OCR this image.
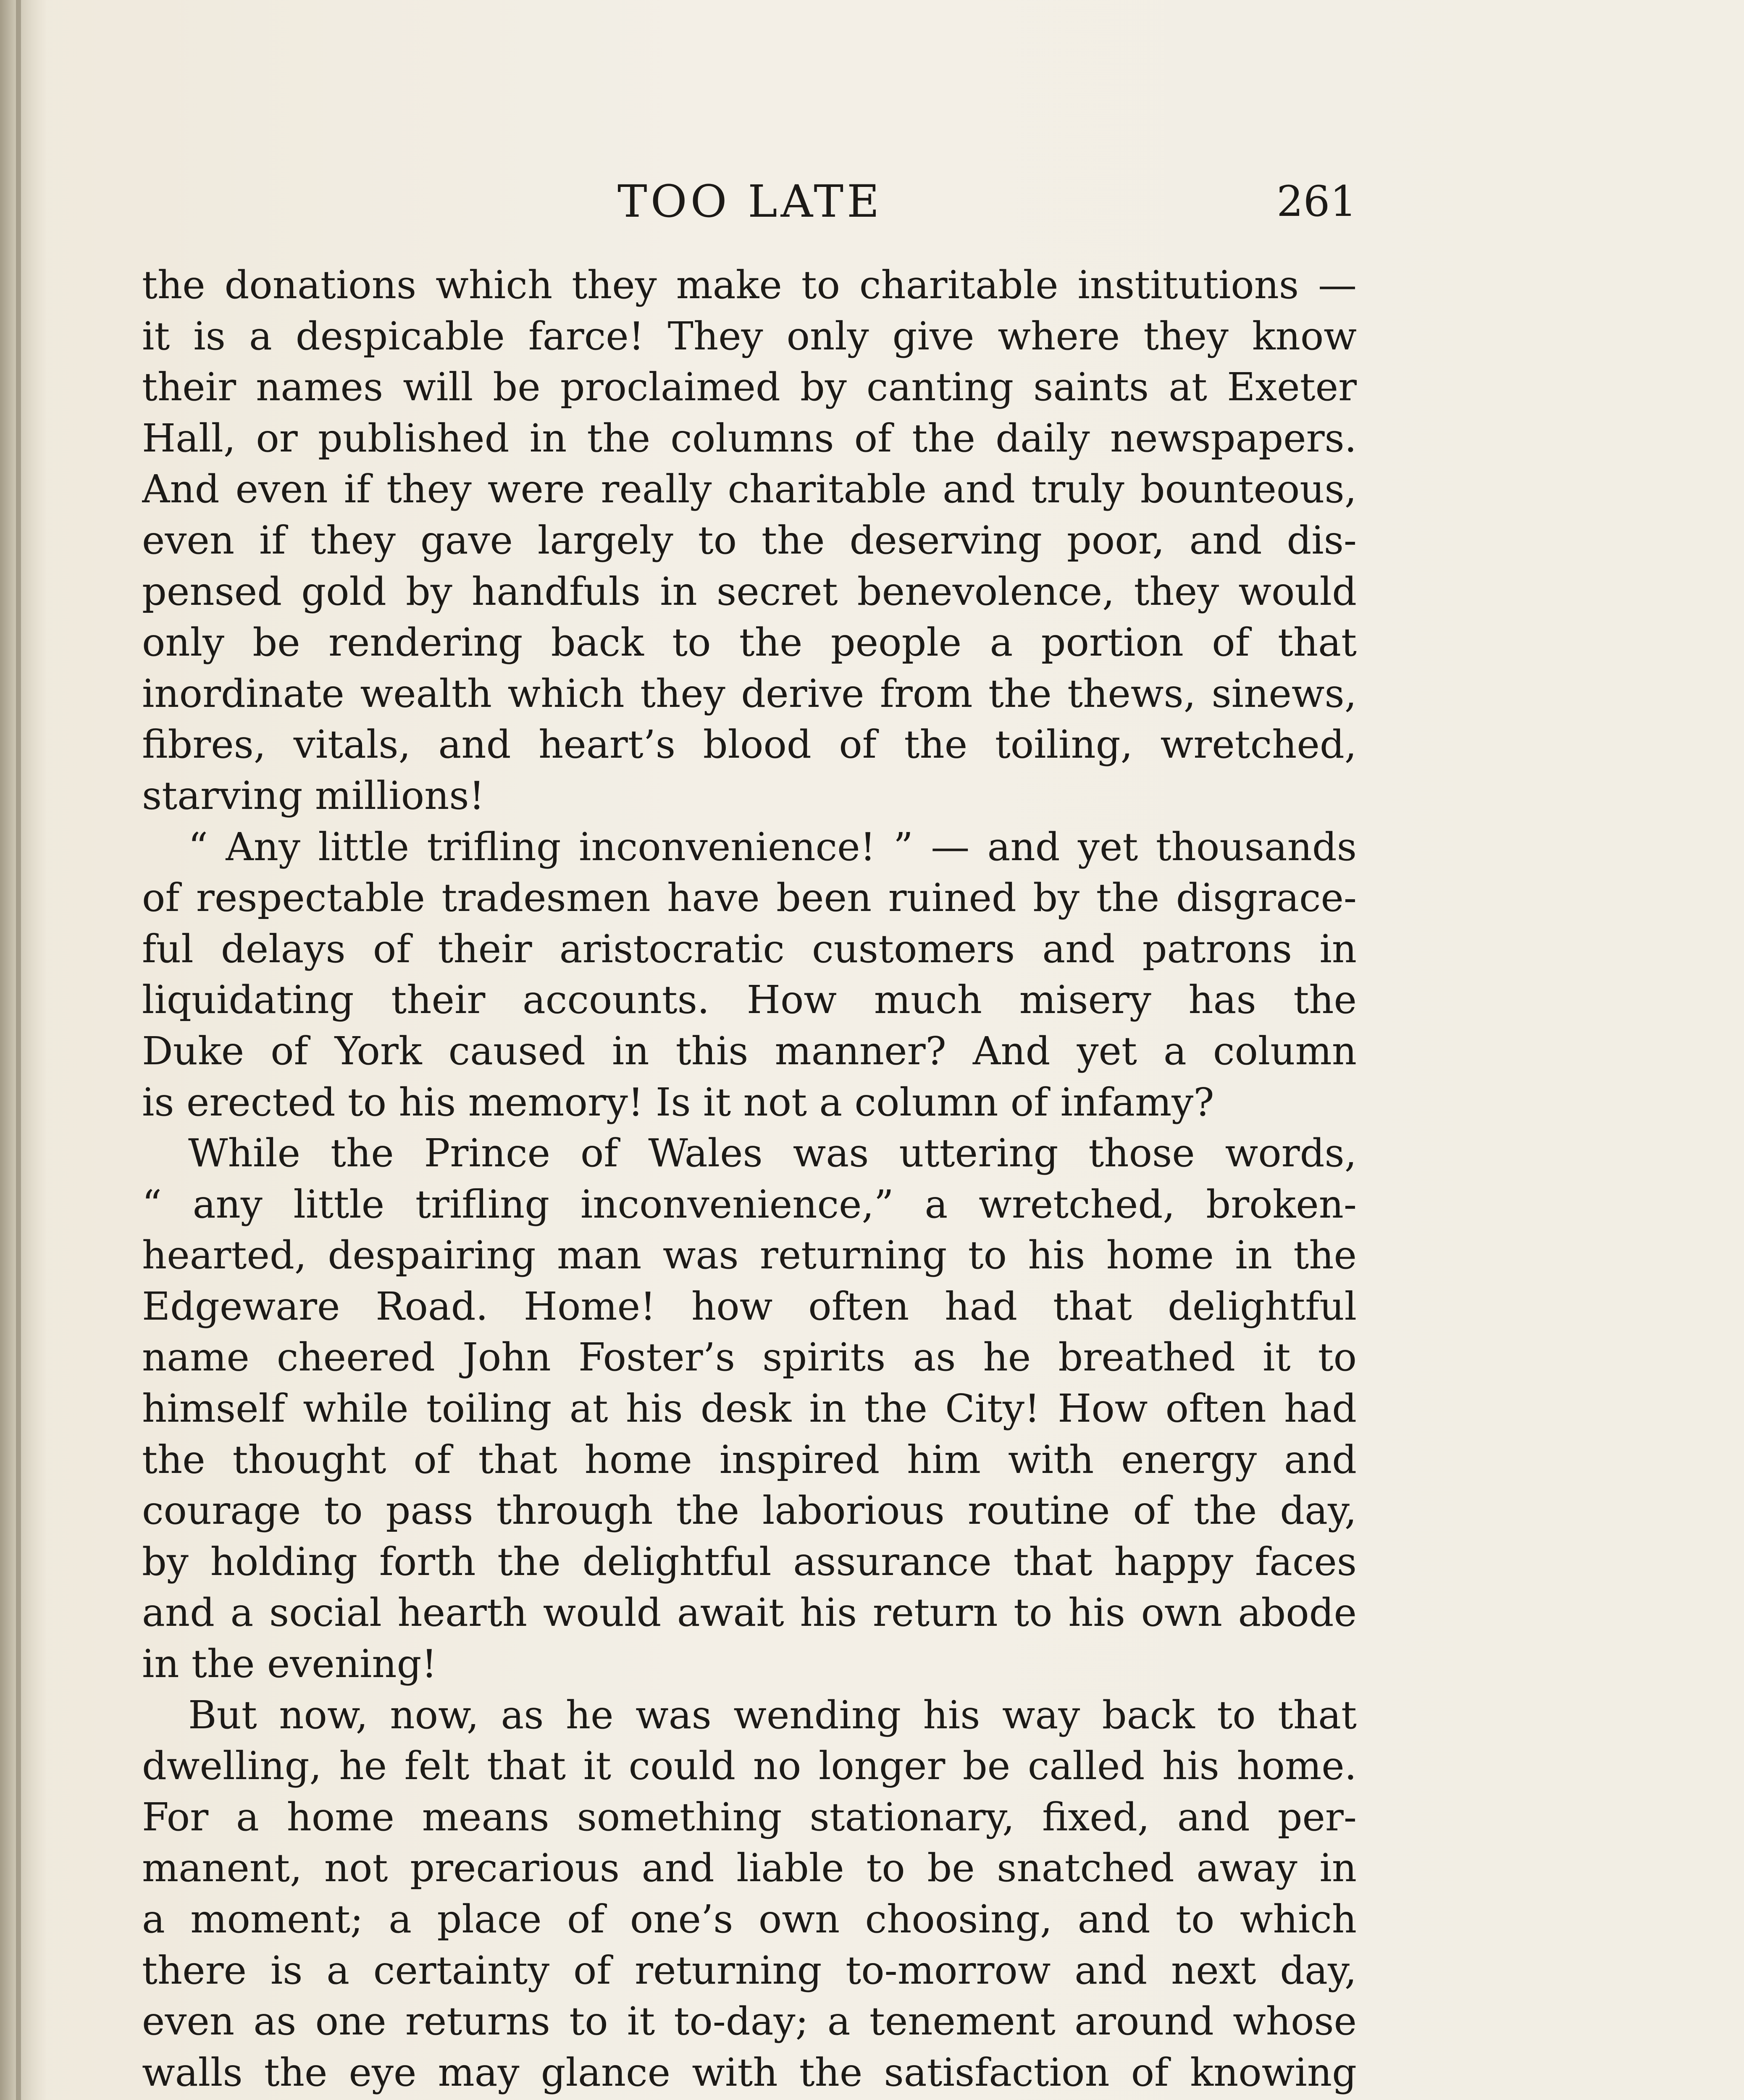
TOO LATE	261
the donations which they make to charitable institutions —
it is a despicable farce! They only give where they know
their names will be proclaimed by canting saints at Exeter
Hall, or published in the columns of the daily newspapers.
And even if they were really charitable and truly bounteous,
even if they gave largely to the deserving poor, and dis-
pensed gold by handfuls in secret benevolence, they would
only be rendering back to the people a portion of that
inordinate wealth which they derive from the thews, sinews,
fibres, vitals, and heart’s blood of the toiling, wretched,
starving millions!
“ Any little trifling inconvenience! ” — and yet thousands
of respectable tradesmen have been ruined by the disgrace-
ful delays of their aristocratic customers and patrons in
liquidating their accounts. How much misery has the
Duke of York caused in this manner? And yet a column
is erected to his memory! Is it not a column of infamy?
While the Prince of Wales was uttering those words,
“ any little trifling inconvenience,” a wretched, broken-
hearted, despairing man was returning to his home in the
Edgeware Road. Home! how often had that delightful
name cheered John Foster’s spirits as he breathed it to
himself while toiling at his desk in the City! How often had
the thought of that home inspired him with energy and
courage to pass through the laborious routine of the day,
by holding forth the delightful assurance that happy faces
and a social hearth would await his return to his own abode
in the evening!
But now, now, as he was wending his way back to that
dwelling, he felt that it could no longer be called his home.
For a home means something stationary, fixed, and per-
manent, not precarious and liable to be snatched away in
a moment; a place of one’s own choosing, and to which
there is a certainty of returning to-morrow and next day,
even as one returns to it to-day; a tenement around whose
walls the eye may glance with the satisfaction of knowing
